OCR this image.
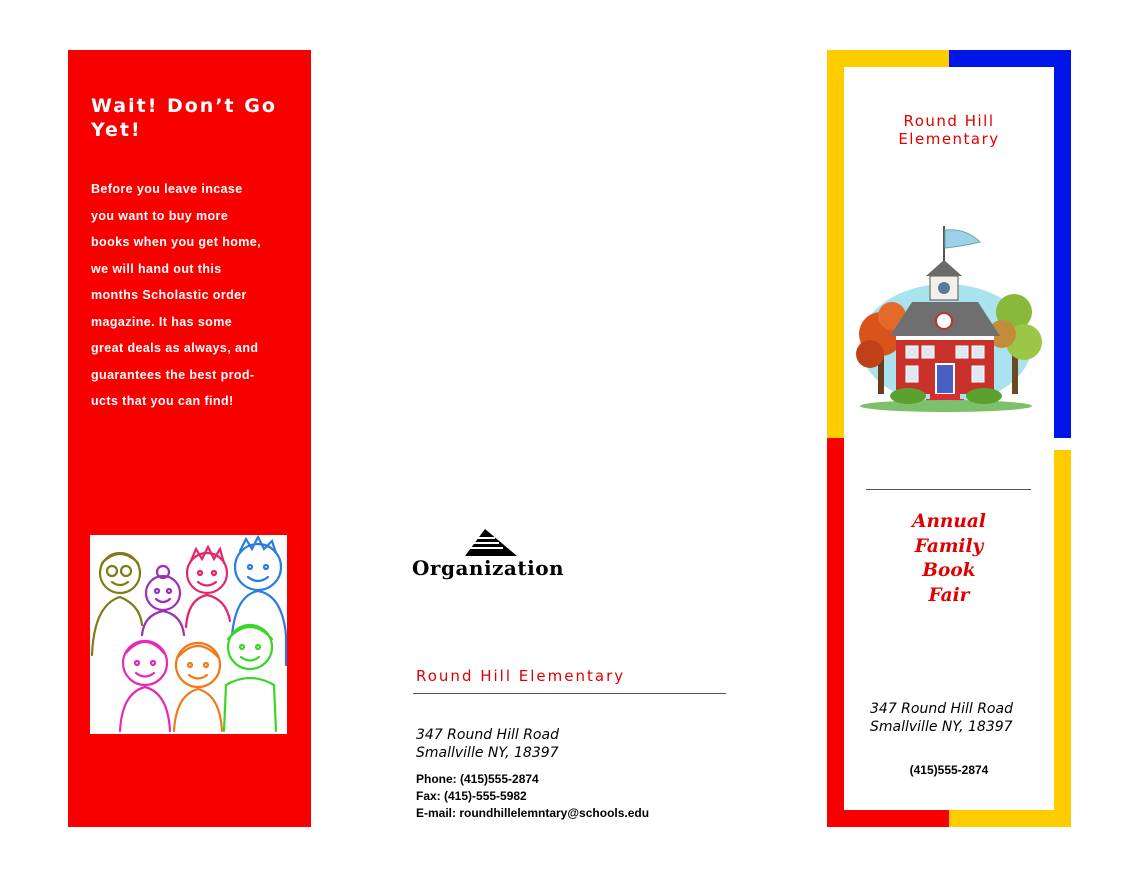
Wait! Don’t Go Yet!
Before you leave incase
you want to buy more
books when you get home,
we will hand out this
months Scholastic order
magazine. It has some
great deals as always, and
guarantees the best prod-
ucts that you can find!
Organization
Round Hill Elementary
347 Round Hill Road
Smallville NY, 18397
Phone: (415)555-2874
Fax: (415)-555-5982
E-mail: roundhillelemntary@schools.edu
Round Hill
Elementary
Annual
Family
Book
Fair
347 Round Hill Road
Smallville NY, 18397
(415)555-2874
